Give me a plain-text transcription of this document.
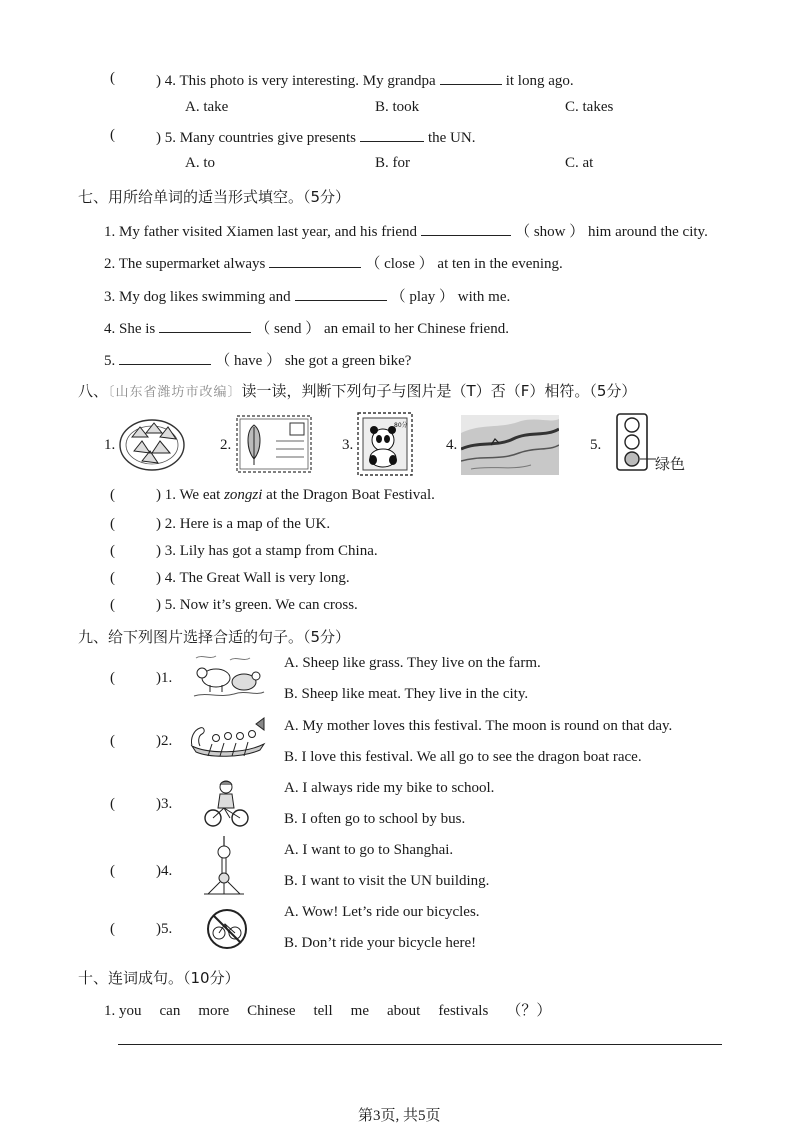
(	) 4. This photo is very interesting. My grandpa	it long ago.
A. take	B. took	C. takes
(	) 5. Many countries give presents	the UN.
A. to	B. for	C. at
七、用所给单词的适当形式填空。（5分）
1. My father visited Xiamen last year, and his friend	（ show ） him around the city.
2. The supermarket always	（ close ） at ten in the evening.
3. My dog likes swimming and	（ play ） with me.
4. She is	（ send ） an email to her Chinese friend.
5.	（ have ） she got a green bike?
八、〔山东省潍坊市改编〕读一读，判断下列句子与图片是（T）否（F）相符。（5分）
1.	2.	3.
80分
4.	5.
绿色
(	) 1. We eat zongzi at the Dragon Boat Festival.
(	) 2. Here is a map of the UK.
(	) 3. Lily has got a stamp from China.
(	) 4. The Great Wall is very long.
(	) 5. Now it’s green. We can cross.
九、给下列图片选择合适的句子。（5分）
(	)1.
A. Sheep like grass. They live on the farm.
B. Sheep like meat. They live in the city.
(	)2.
A. My mother loves this festival. The moon is round on that day.
B. I love this festival. We all go to see the dragon boat race.
(	)3.
A. I always ride my bike to school.
B. I often go to school by bus.
(	)4.
A. I want to go to Shanghai.
B. I want to visit the UN building.
(	)5.
A. Wow! Let’s ride our bicycles.
B. Don’t ride your bicycle here!
十、连词成句。（10分）
1. you can more Chinese tell me about festivals （？）
第3页, 共5页
